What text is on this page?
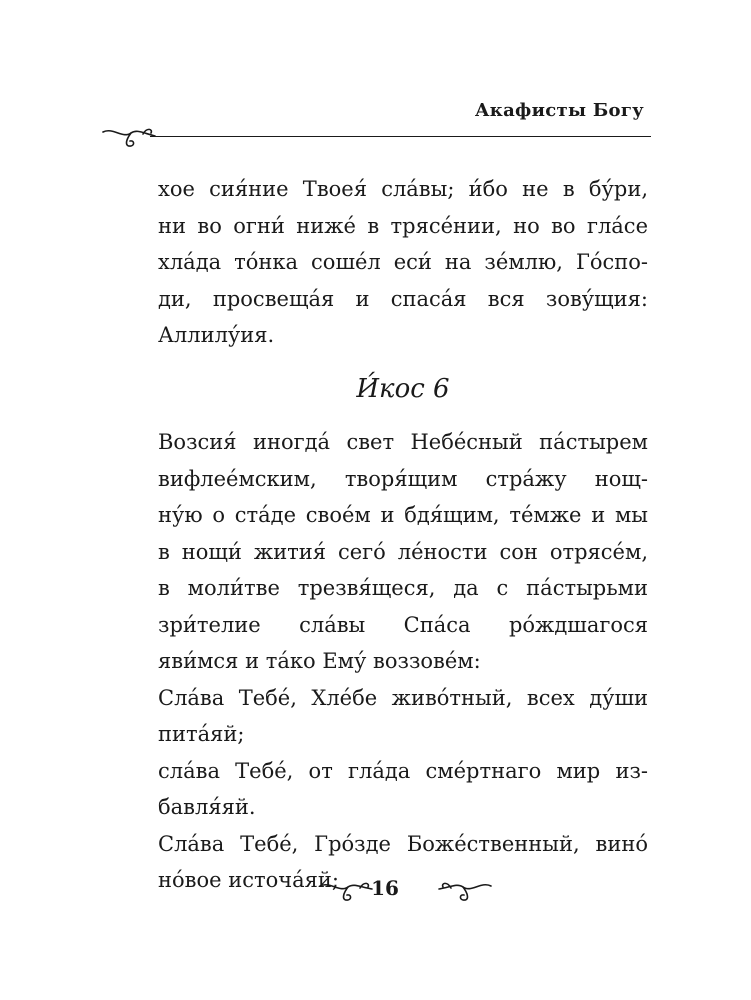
Акафисты Богу
хое сия́ние Твоея́ сла́вы; и́бо не в бу́ри,
ни во огни́ ниже́ в трясе́нии, но во гла́се
хла́да то́нка соше́л еси́ на зе́млю, Го́спо-
ди, просвеща́я и спаса́я вся зову́щия:
Аллилу́ия.
И́кос 6
Возсия́ иногда́ свет Небе́сный па́стырем
вифлее́мским, творя́щим стра́жу нощ-
ну́ю о ста́де свое́м и бдя́щим, те́мже и мы
в нощи́ жития́ сего́ ле́ности сон отрясе́м,
в моли́тве трезвя́щеся, да с па́стырьми
зри́телие сла́вы Спа́са ро́ждшагося
яви́мся и та́ко Ему́ воззове́м:
Сла́ва Тебе́, Хле́бе живо́тный, всех ду́ши
пита́яй;
сла́ва Тебе́, от гла́да сме́ртнаго мир из-
бавля́яй.
Сла́ва Тебе́, Гро́зде Боже́ственный, вино́
но́вое источа́яй;	16
